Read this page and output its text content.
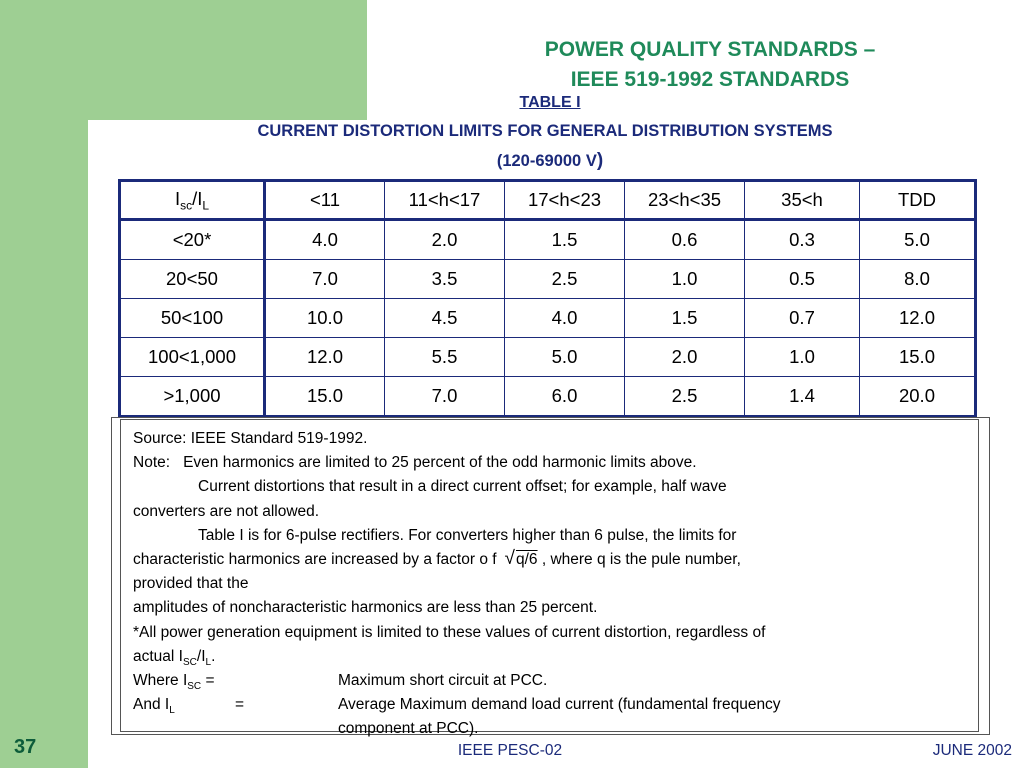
POWER QUALITY STANDARDS –
IEEE 519-1992 STANDARDS
TABLE I
CURRENT DISTORTION LIMITS FOR GENERAL DISTRIBUTION SYSTEMS
(120-69000 V)
$I_{sc}/I_L$	<11	11<h<17	17<h<23	23<h<35	35<h	TDD
<20*	4.0	2.0	1.5	0.6	0.3	5.0
20<50	7.0	3.5	2.5	1.0	0.5	8.0
50<100	10.0	4.5	4.0	1.5	0.7	12.0
100<1,000	12.0	5.5	5.0	2.0	1.0	15.0
>1,000	15.0	7.0	6.0	2.5	1.4	20.0
Source: IEEE Standard 519-1992.
Note: Even harmonics are limited to 25 percent of the odd harmonic limits above.
Current distortions that result in a direct current offset; for example, half wave
converters are not allowed.
Table I is for 6-pulse rectifiers. For converters higher than 6 pulse, the limits for
characteristic harmonics are increased by a factor o f √q/6 , where q is the pule number,
provided that the
amplitudes of noncharacteristic harmonics are less than 25 percent.
*All power generation equipment is limited to these values of current distortion, regardless of
actual $I_{SC}/I_L$.
Where $I_{SC}$ =	Maximum short circuit at PCC.
And $I_L$	=	Average Maximum demand load current (fundamental frequency
component at PCC).
37	IEEE PESC-02	JUNE 2002
